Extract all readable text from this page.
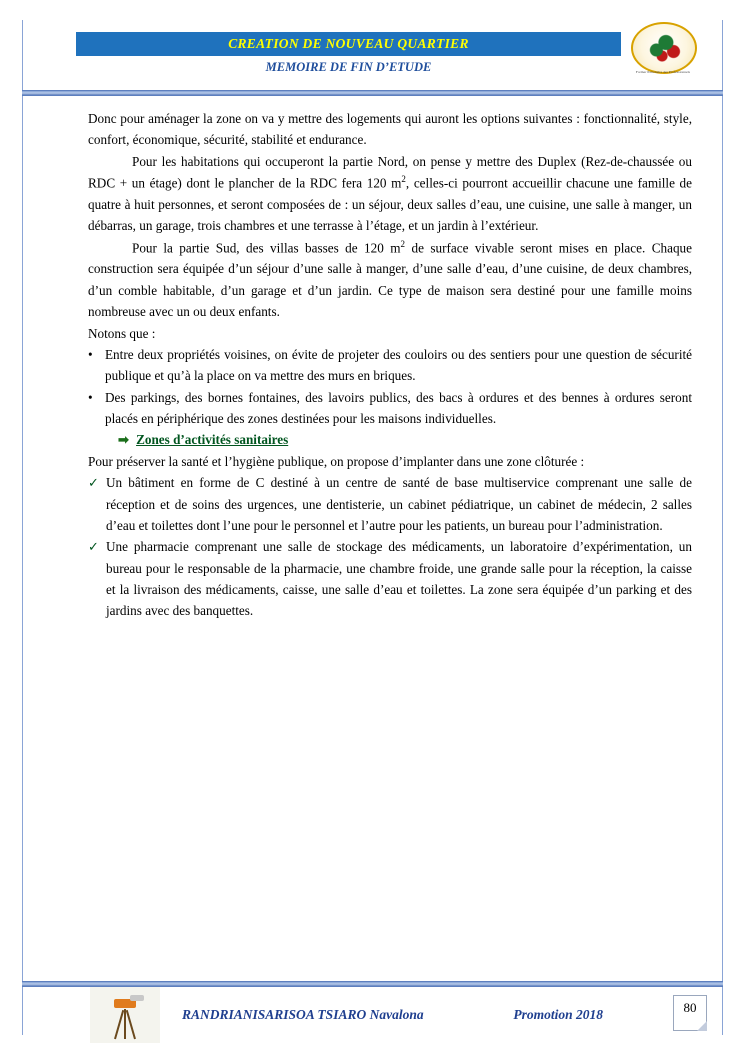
CREATION DE NOUVEAU QUARTIER
MEMOIRE DE FIN D’ETUDE	Former Partenaire des Professionnels

Donc pour aménager la zone on va y mettre des logements qui auront les options suivantes : fonctionnalité, style, confort, économique, sécurité, stabilité et endurance.

Pour les habitations qui occuperont la partie Nord, on pense y mettre des Duplex (Rez-de-chaussée ou RDC + un étage) dont le plancher de la RDC fera 120 $m^2$, celles-ci pourront accueillir chacune une famille de quatre à huit personnes, et seront composées de : un séjour, deux salles d’eau, une cuisine, une salle à manger, un débarras, un garage, trois chambres et une terrasse à l’étage, et un jardin à l’extérieur.

Pour la partie Sud, des villas basses de 120 $m^2$ de surface vivable seront mises en place. Chaque construction sera équipée d’un séjour d’une salle à manger, d’une salle d’eau, d’une cuisine, de deux chambres, d’un comble habitable, d’un garage et d’un jardin. Ce type de maison sera destiné pour une famille moins nombreuse avec un ou deux enfants.

Notons que :

• Entre deux propriétés voisines, on évite de projeter des couloirs ou des sentiers pour une question de sécurité publique et qu’à la place on va mettre des murs en briques.

• Des parkings, des bornes fontaines, des lavoirs publics, des bacs à ordures et des bennes à ordures seront placés en périphérique des zones destinées pour les maisons individuelles.

➡ Zones d’activités sanitaires

Pour préserver la santé et l’hygiène publique, on propose d’implanter dans une zone clôturée :

✓ Un bâtiment en forme de C destiné à un centre de santé de base multiservice comprenant une salle de réception et de soins des urgences, une dentisterie, un cabinet pédiatrique, un cabinet de médecin, 2 salles d’eau et toilettes dont l’une pour le personnel et l’autre pour les patients, un bureau pour l’administration.

✓ Une pharmacie comprenant une salle de stockage des médicaments, un laboratoire d’expérimentation, un bureau pour le responsable de la pharmacie, une chambre froide, une grande salle pour la réception, la caisse et la livraison des médicaments, caisse, une salle d’eau et toilettes. La zone sera équipée d’un parking et des jardins avec des banquettes.

RANDRIANISARISOA TSIARO Navalona	Promotion 2018	80
